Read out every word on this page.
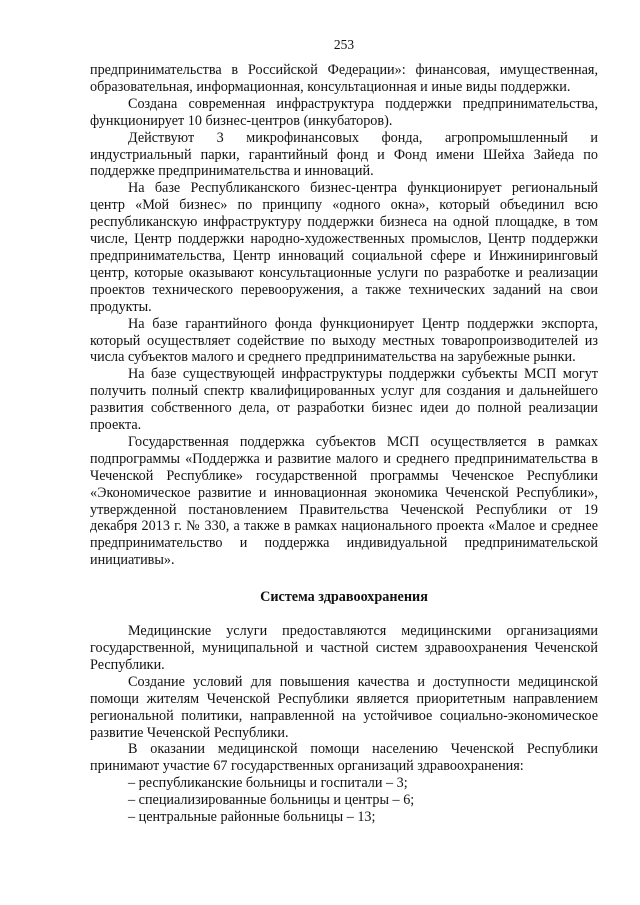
253

предпринимательства в Российской Федерации»: финансовая, имущественная, образовательная, информационная, консультационная и иные виды поддержки.

Создана современная инфраструктура поддержки предпринимательства, функционирует 10 бизнес-центров (инкубаторов).

Действуют 3 микрофинансовых фонда, агропромышленный и индустриальный парки, гарантийный фонд и Фонд имени Шейха Зайеда по поддержке предпринимательства и инноваций.

На базе Республиканского бизнес-центра функционирует региональный центр «Мой бизнес» по принципу «одного окна», который объединил всю республиканскую инфраструктуру поддержки бизнеса на одной площадке, в том числе, Центр поддержки народно-художественных промыслов, Центр поддержки предпринимательства, Центр инноваций социальной сфере и Инжиниринговый центр, которые оказывают консультационные услуги по разработке и реализации проектов технического перевооружения, а также технических заданий на свои продукты.

На базе гарантийного фонда функционирует Центр поддержки экспорта, который осуществляет содействие по выходу местных товаропроизводителей из числа субъектов малого и среднего предпринимательства на зарубежные рынки.

На базе существующей инфраструктуры поддержки субъекты МСП могут получить полный спектр квалифицированных услуг для создания и дальнейшего развития собственного дела, от разработки бизнес идеи до полной реализации проекта.

Государственная поддержка субъектов МСП осуществляется в рамках подпрограммы «Поддержка и развитие малого и среднего предпринимательства в Чеченской Республике» государственной программы Чеченское Республики «Экономическое развитие и инновационная экономика Чеченской Республики», утвержденной постановлением Правительства Чеченской Республики от 19 декабря 2013 г. № 330, а также в рамках национального проекта «Малое и среднее предпринимательство и поддержка индивидуальной предпринимательской инициативы».

Система здравоохранения

Медицинские услуги предоставляются медицинскими организациями государственной, муниципальной и частной систем здравоохранения Чеченской Республики.

Создание условий для повышения качества и доступности медицинской помощи жителям Чеченской Республики является приоритетным направлением региональной политики, направленной на устойчивое социально-экономическое развитие Чеченской Республики.

В оказании медицинской помощи населению Чеченской Республики принимают участие 67 государственных организаций здравоохранения:

– республиканские больницы и госпитали – 3;

– специализированные больницы и центры – 6;

– центральные районные больницы – 13;
